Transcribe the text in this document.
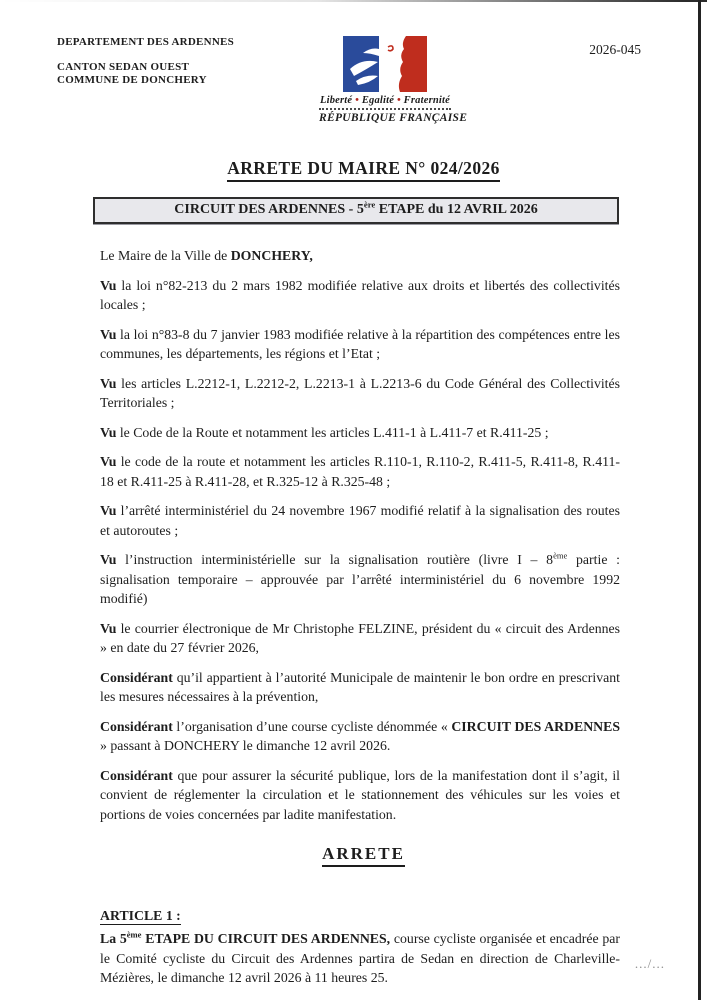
DEPARTEMENT DES ARDENNES
CANTON SEDAN OUEST
COMMUNE DE DONCHERY
Liberté • Egalité • Fraternité
RÉPUBLIQUE FRANÇAISE
2026-045
ARRETE DU MAIRE N° 024/2026
CIRCUIT DES ARDENNES - 5ère ETAPE du 12 AVRIL 2026

Le Maire de la Ville de DONCHERY,

Vu la loi n°82-213 du 2 mars 1982 modifiée relative aux droits et libertés des collectivités locales ;

Vu la loi n°83-8 du 7 janvier 1983 modifiée relative à la répartition des compétences entre les communes, les départements, les régions et l’Etat ;

Vu les articles L.2212-1, L.2212-2, L.2213-1 à L.2213-6 du Code Général des Collectivités Territoriales ;

Vu le Code de la Route et notamment les articles L.411-1 à L.411-7 et R.411-25 ;

Vu le code de la route et notamment les articles R.110-1, R.110-2, R.411-5, R.411-8, R.411-18 et R.411-25 à R.411-28, et R.325-12 à R.325-48 ;

Vu l’arrêté interministériel du 24 novembre 1967 modifié relatif à la signalisation des routes et autoroutes ;

Vu l’instruction interministérielle sur la signalisation routière (livre I – 8ème partie : signalisation temporaire – approuvée par l’arrêté interministériel du 6 novembre 1992 modifié)

Vu le courrier électronique de Mr Christophe FELZINE, président du « circuit des Ardennes » en date du 27 février 2026,

Considérant qu’il appartient à l’autorité Municipale de maintenir le bon ordre en prescrivant les mesures nécessaires à la prévention,

Considérant l’organisation d’une course cycliste dénommée « CIRCUIT DES ARDENNES » passant à DONCHERY le dimanche 12 avril 2026.

Considérant que pour assurer la sécurité publique, lors de la manifestation dont il s’agit, il convient de réglementer la circulation et le stationnement des véhicules sur les voies et portions de voies concernées par ladite manifestation.

ARRETE
ARTICLE 1 :

La 5ème ETAPE DU CIRCUIT DES ARDENNES, course cycliste organisée et encadrée par le Comité cycliste du Circuit des Ardennes partira de Sedan en direction de Charleville-Mézières, le dimanche 12 avril 2026 à 11 heures 25.

.../...
